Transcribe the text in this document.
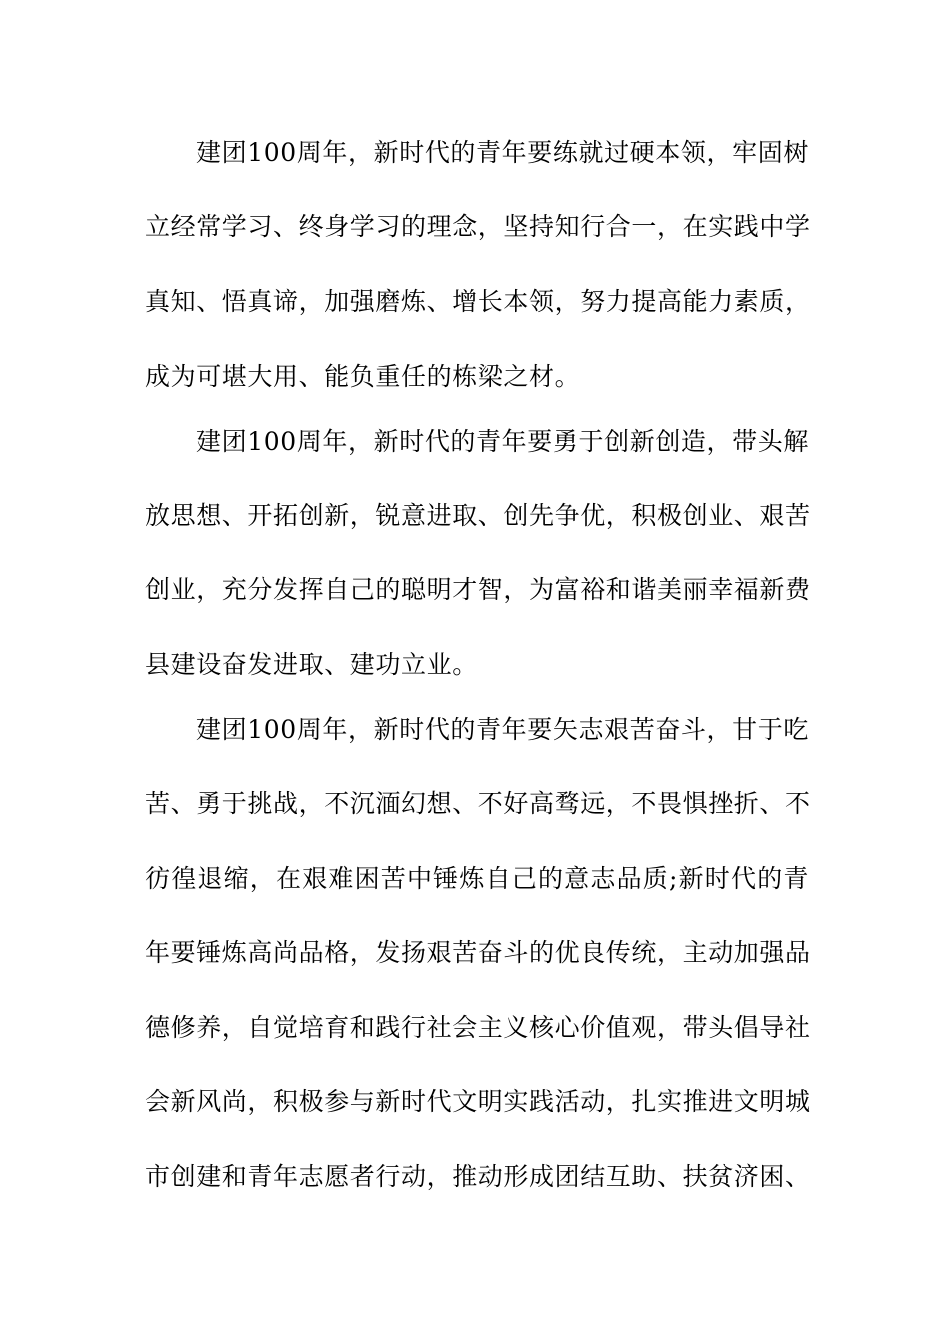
建团100周年，新时代的青年要练就过硬本领，牢固树
立经常学习、终身学习的理念，坚持知行合一，在实践中学
真知、悟真谛，加强磨炼、增长本领，努力提高能力素质，
成为可堪大用、能负重任的栋梁之材。
建团100周年，新时代的青年要勇于创新创造，带头解
放思想、开拓创新，锐意进取、创先争优，积极创业、艰苦
创业，充分发挥自己的聪明才智，为富裕和谐美丽幸福新费
县建设奋发进取、建功立业。
建团100周年，新时代的青年要矢志艰苦奋斗，甘于吃
苦、勇于挑战，不沉湎幻想、不好高骛远，不畏惧挫折、不
彷徨退缩，在艰难困苦中锤炼自己的意志品质;新时代的青
年要锤炼高尚品格，发扬艰苦奋斗的优良传统，主动加强品
德修养，自觉培育和践行社会主义核心价值观，带头倡导社
会新风尚，积极参与新时代文明实践活动，扎实推进文明城
市创建和青年志愿者行动，推动形成团结互助、扶贫济困、
